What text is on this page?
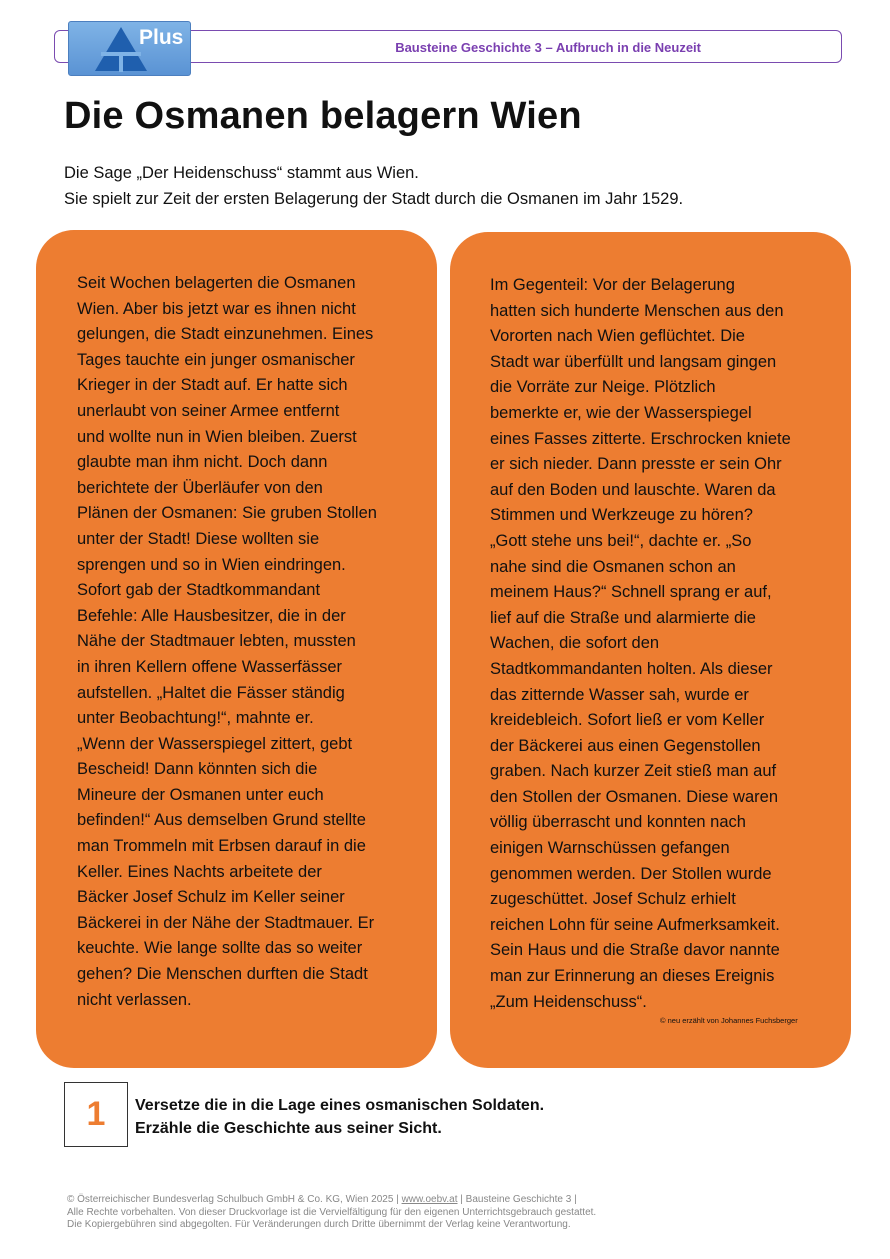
Bausteine Geschichte 3 – Aufbruch in die Neuzeit
Plus
Die Osmanen belagern Wien
Die Sage „Der Heidenschuss“ stammt aus Wien.
Sie spielt zur Zeit der ersten Belagerung der Stadt durch die Osmanen im Jahr 1529.
Seit Wochen belagerten die Osmanen
Wien. Aber bis jetzt war es ihnen nicht
gelungen, die Stadt einzunehmen. Eines
Tages tauchte ein junger osmanischer
Krieger in der Stadt auf. Er hatte sich
unerlaubt von seiner Armee entfernt
und wollte nun in Wien bleiben. Zuerst
glaubte man ihm nicht. Doch dann
berichtete der Überläufer von den
Plänen der Osmanen: Sie gruben Stollen
unter der Stadt! Diese wollten sie
sprengen und so in Wien eindringen.
Sofort gab der Stadtkommandant
Befehle: Alle Hausbesitzer, die in der
Nähe der Stadtmauer lebten, mussten
in ihren Kellern offene Wasserfässer
aufstellen. „Haltet die Fässer ständig
unter Beobachtung!“, mahnte er.
„Wenn der Wasserspiegel zittert, gebt
Bescheid! Dann könnten sich die
Mineure der Osmanen unter euch
befinden!“ Aus demselben Grund stellte
man Trommeln mit Erbsen darauf in die
Keller. Eines Nachts arbeitete der
Bäcker Josef Schulz im Keller seiner
Bäckerei in der Nähe der Stadtmauer. Er
keuchte. Wie lange sollte das so weiter
gehen? Die Menschen durften die Stadt
nicht verlassen.
Im Gegenteil: Vor der Belagerung
hatten sich hunderte Menschen aus den
Vororten nach Wien geflüchtet. Die
Stadt war überfüllt und langsam gingen
die Vorräte zur Neige. Plötzlich
bemerkte er, wie der Wasserspiegel
eines Fasses zitterte. Erschrocken kniete
er sich nieder. Dann presste er sein Ohr
auf den Boden und lauschte. Waren da
Stimmen und Werkzeuge zu hören?
„Gott stehe uns bei!“, dachte er. „So
nahe sind die Osmanen schon an
meinem Haus?“ Schnell sprang er auf,
lief auf die Straße und alarmierte die
Wachen, die sofort den
Stadtkommandanten holten. Als dieser
das zitternde Wasser sah, wurde er
kreidebleich. Sofort ließ er vom Keller
der Bäckerei aus einen Gegenstollen
graben. Nach kurzer Zeit stieß man auf
den Stollen der Osmanen. Diese waren
völlig überrascht und konnten nach
einigen Warnschüssen gefangen
genommen werden. Der Stollen wurde
zugeschüttet. Josef Schulz erhielt
reichen Lohn für seine Aufmerksamkeit.
Sein Haus und die Straße davor nannte
man zur Erinnerung an dieses Ereignis
„Zum Heidenschuss“.
© neu erzählt von Johannes Fuchsberger
1	Versetze die in die Lage eines osmanischen Soldaten.
Erzähle die Geschichte aus seiner Sicht.
© Österreichischer Bundesverlag Schulbuch GmbH & Co. KG, Wien 2025 | www.oebv.at | Bausteine Geschichte 3 |
Alle Rechte vorbehalten. Von dieser Druckvorlage ist die Vervielfältigung für den eigenen Unterrichtsgebrauch gestattet.
Die Kopiergebühren sind abgegolten. Für Veränderungen durch Dritte übernimmt der Verlag keine Verantwortung.
